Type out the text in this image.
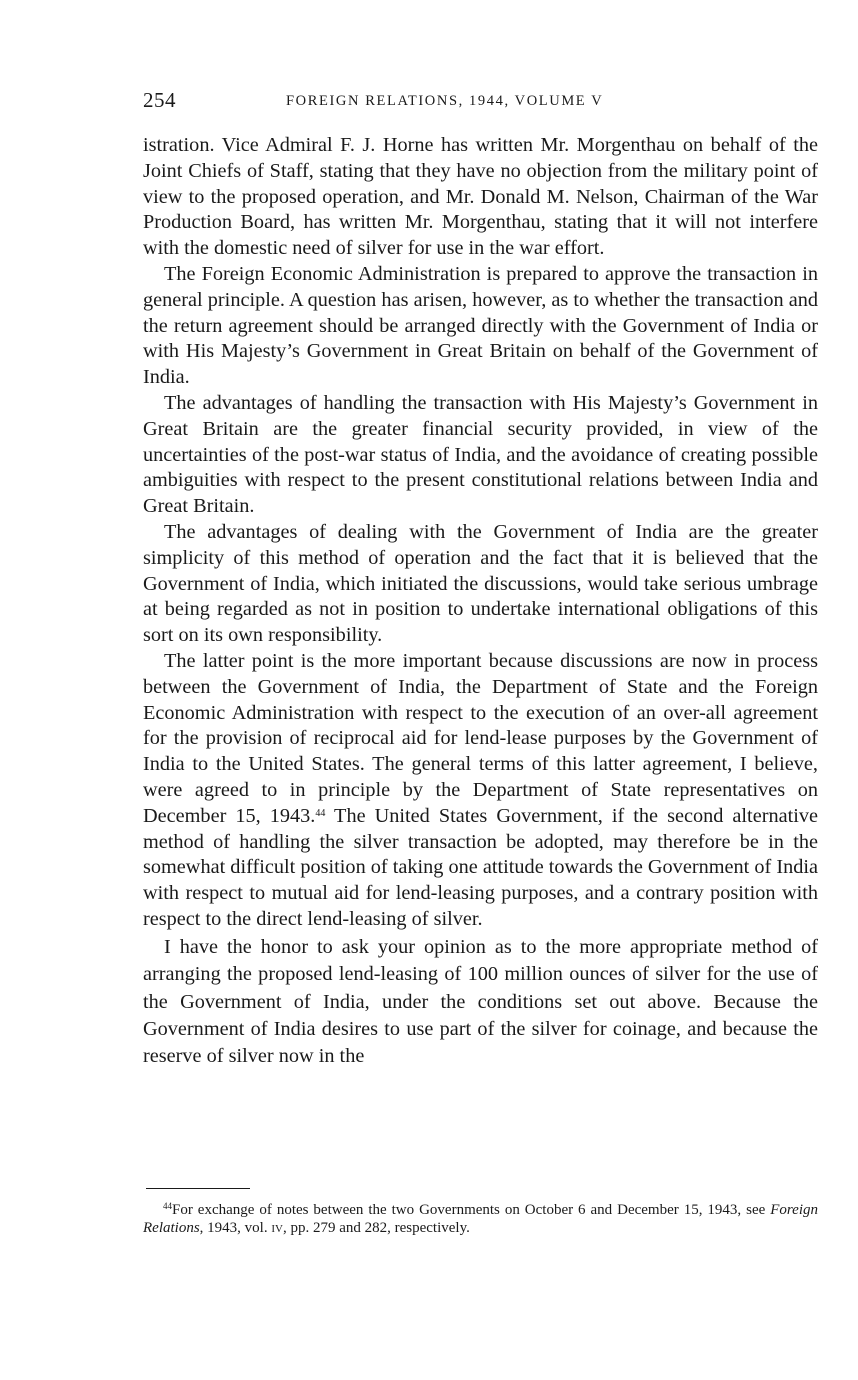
254	FOREIGN RELATIONS, 1944, VOLUME V

istration. Vice Admiral F. J. Horne has written Mr. Morgenthau on behalf of the Joint Chiefs of Staff, stating that they have no objection from the military point of view to the proposed operation, and Mr. Donald M. Nelson, Chairman of the War Production Board, has written Mr. Morgenthau, stating that it will not interfere with the domestic need of silver for use in the war effort.

The Foreign Economic Administration is prepared to approve the transaction in general principle. A question has arisen, however, as to whether the transaction and the return agreement should be arranged directly with the Government of India or with His Majesty’s Government in Great Britain on behalf of the Government of India.

The advantages of handling the transaction with His Majesty’s Government in Great Britain are the greater financial security provided, in view of the uncertainties of the post-war status of India, and the avoidance of creating possible ambiguities with respect to the present constitutional relations between India and Great Britain.

The advantages of dealing with the Government of India are the greater simplicity of this method of operation and the fact that it is believed that the Government of India, which initiated the discussions, would take serious umbrage at being regarded as not in position to undertake international obligations of this sort on its own responsibility.

The latter point is the more important because discussions are now in process between the Government of India, the Department of State and the Foreign Economic Administration with respect to the execution of an over-all agreement for the provision of reciprocal aid for lend-lease purposes by the Government of India to the United States. The general terms of this latter agreement, I believe, were agreed to in principle by the Department of State representatives on December 15, 1943.44 The United States Government, if the second alternative method of handling the silver transaction be adopted, may therefore be in the somewhat difficult position of taking one attitude towards the Government of India with respect to mutual aid for lend-leasing purposes, and a contrary position with respect to the direct lend-leasing of silver.

I have the honor to ask your opinion as to the more appropriate method of arranging the proposed lend-leasing of 100 million ounces of silver for the use of the Government of India, under the conditions set out above. Because the Government of India desires to use part of the silver for coinage, and because the reserve of silver now in the

$^{44}$For exchange of notes between the two Governments on October 6 and December 15, 1943, see Foreign Relations, 1943, vol. iv, pp. 279 and 282, respectively.
